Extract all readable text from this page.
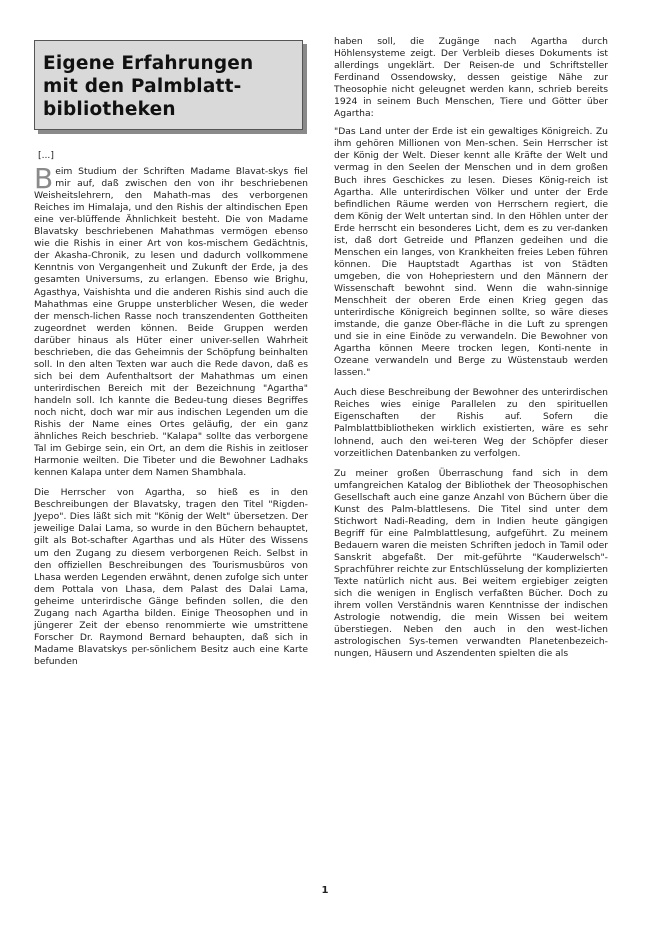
Eigene Erfahrungen mit den Palmblatt-bibliotheken

[...]

Beim Studium der Schriften Madame Blavat-skys fiel mir auf, daß zwischen den von ihr beschriebenen Weisheitslehrern, den Mahath-mas des verborgenen Reiches im Himalaja, und den Rishis der altindischen Epen eine ver-blüffende Ähnlichkeit besteht. Die von Madame Blavatsky beschriebenen Mahathmas vermögen ebenso wie die Rishis in einer Art von kos-mischem Gedächtnis, der Akasha-Chronik, zu lesen und dadurch vollkommene Kenntnis von Vergangenheit und Zukunft der Erde, ja des gesamten Universums, zu erlangen. Ebenso wie Brighu, Agasthya, Vaishishta und die anderen Rishis sind auch die Mahathmas eine Gruppe unsterblicher Wesen, die weder der mensch-lichen Rasse noch transzendenten Gottheiten zugeordnet werden können. Beide Gruppen werden darüber hinaus als Hüter einer univer-sellen Wahrheit beschrieben, die das Geheimnis der Schöpfung beinhalten soll. In den alten Texten war auch die Rede davon, daß es sich bei dem Aufenthaltsort der Mahathmas um einen unterirdischen Bereich mit der Bezeichnung "Agartha" handeln soll. Ich kannte die Bedeu-tung dieses Begriffes noch nicht, doch war mir aus indischen Legenden um die Rishis der Name eines Ortes geläufig, der ein ganz ähnliches Reich beschrieb. "Kalapa" sollte das verborgene Tal im Gebirge sein, ein Ort, an dem die Rishis in zeitloser Harmonie weilten. Die Tibeter und die Bewohner Ladhaks kennen Kalapa unter dem Namen Shambhala.

Die Herrscher von Agartha, so hieß es in den Beschreibungen der Blavatsky, tragen den Titel "Rigden-Jyepo". Dies läßt sich mit "König der Welt" übersetzen. Der jeweilige Dalai Lama, so wurde in den Büchern behauptet, gilt als Bot-schafter Agarthas und als Hüter des Wissens um den Zugang zu diesem verborgenen Reich. Selbst in den offiziellen Beschreibungen des Tourismusbüros von Lhasa werden Legenden erwähnt, denen zufolge sich unter dem Pottala von Lhasa, dem Palast des Dalai Lama, geheime unterirdische Gänge befinden sollen, die den Zugang nach Agartha bilden. Einige Theosophen und in jüngerer Zeit der ebenso renommierte wie umstrittene Forscher Dr. Raymond Bernard behaupten, daß sich in Madame Blavatskys per-sönlichem Besitz auch eine Karte befunden

haben soll, die Zugänge nach Agartha durch Höhlensysteme zeigt. Der Verbleib dieses Dokuments ist allerdings ungeklärt. Der Reisen-de und Schriftsteller Ferdinand Ossendowsky, dessen geistige Nähe zur Theosophie nicht geleugnet werden kann, schrieb bereits 1924 in seinem Buch Menschen, Tiere und Götter über Agartha:

"Das Land unter der Erde ist ein gewaltiges Königreich. Zu ihm gehören Millionen von Men-schen. Sein Herrscher ist der König der Welt. Dieser kennt alle Kräfte der Welt und vermag in den Seelen der Menschen und in dem großen Buch ihres Geschickes zu lesen. Dieses König-reich ist Agartha. Alle unterirdischen Völker und unter der Erde befindlichen Räume werden von Herrschern regiert, die dem König der Welt untertan sind. In den Höhlen unter der Erde herrscht ein besonderes Licht, dem es zu ver-danken ist, daß dort Getreide und Pflanzen gedeihen und die Menschen ein langes, von Krankheiten freies Leben führen können. Die Hauptstadt Agarthas ist von Städten umgeben, die von Hohepriestern und den Männern der Wissenschaft bewohnt sind. Wenn die wahn-sinnige Menschheit der oberen Erde einen Krieg gegen das unterirdische Königreich beginnen sollte, so wäre dieses imstande, die ganze Ober-fläche in die Luft zu sprengen und sie in eine Einöde zu verwandeln. Die Bewohner von Agartha können Meere trocken legen, Konti-nente in Ozeane verwandeln und Berge zu Wüstenstaub werden lassen."

Auch diese Beschreibung der Bewohner des unterirdischen Reiches wies einige Parallelen zu den spirituellen Eigenschaften der Rishis auf. Sofern die Palmblattbibliotheken wirklich existierten, wäre es sehr lohnend, auch den wei-teren Weg der Schöpfer dieser vorzeitlichen Datenbanken zu verfolgen.

Zu meiner großen Überraschung fand sich in dem umfangreichen Katalog der Bibliothek der Theosophischen Gesellschaft auch eine ganze Anzahl von Büchern über die Kunst des Palm-blattlesens. Die Titel sind unter dem Stichwort Nadi-Reading, dem in Indien heute gängigen Begriff für eine Palmblattlesung, aufgeführt. Zu meinem Bedauern waren die meisten Schriften jedoch in Tamil oder Sanskrit abgefaßt. Der mit-geführte "Kauderwelsch"-Sprachführer reichte zur Entschlüsselung der komplizierten Texte natürlich nicht aus. Bei weitem ergiebiger zeigten sich die wenigen in Englisch verfaßten Bücher. Doch zu ihrem vollen Verständnis waren Kenntnisse der indischen Astrologie notwendig, die mein Wissen bei weitem überstiegen. Neben den auch in den west-lichen astrologischen Sys-temen verwandten Planetenbezeich- nungen, Häusern und Aszendenten spielten die als

1
